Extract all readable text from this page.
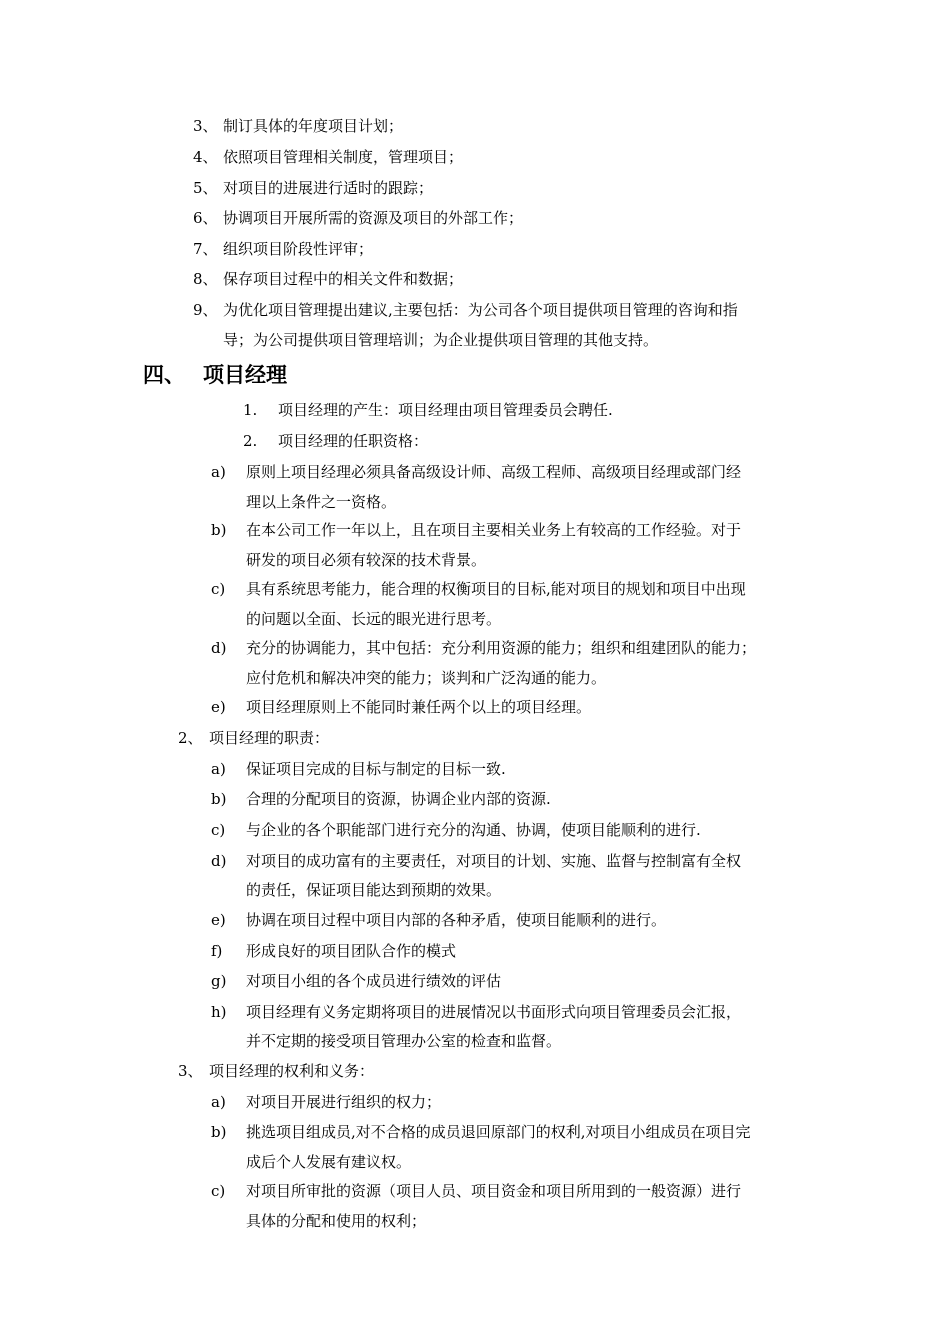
3、 制订具体的年度项目计划；
4、 依照项目管理相关制度，管理项目；
5、 对项目的进展进行适时的跟踪；
6、 协调项目开展所需的资源及项目的外部工作；
7、 组织项目阶段性评审；
8、 保存项目过程中的相关文件和数据；
9、 为优化项目管理提出建议,主要包括：为公司各个项目提供项目管理的咨询和指
导；为公司提供项目管理培训；为企业提供项目管理的其他支持。
四、 项目经理
1. 项目经理的产生：项目经理由项目管理委员会聘任.
2. 项目经理的任职资格：
a) 原则上项目经理必须具备高级设计师、高级工程师、高级项目经理或部门经
理以上条件之一资格。
b) 在本公司工作一年以上，且在项目主要相关业务上有较高的工作经验。对于
研发的项目必须有较深的技术背景。
c) 具有系统思考能力，能合理的权衡项目的目标,能对项目的规划和项目中出现
的问题以全面、长远的眼光进行思考。
d) 充分的协调能力，其中包括：充分利用资源的能力；组织和组建团队的能力；
应付危机和解决冲突的能力；谈判和广泛沟通的能力。
e) 项目经理原则上不能同时兼任两个以上的项目经理。
2、 项目经理的职责：
a) 保证项目完成的目标与制定的目标一致.
b) 合理的分配项目的资源，协调企业内部的资源.
c) 与企业的各个职能部门进行充分的沟通、协调，使项目能顺利的进行.
d) 对项目的成功富有的主要责任，对项目的计划、实施、监督与控制富有全权
的责任，保证项目能达到预期的效果。
e) 协调在项目过程中项目内部的各种矛盾，使项目能顺利的进行。
f) 形成良好的项目团队合作的模式
g) 对项目小组的各个成员进行绩效的评估
h) 项目经理有义务定期将项目的进展情况以书面形式向项目管理委员会汇报，
并不定期的接受项目管理办公室的检查和监督。
3、 项目经理的权利和义务：
a) 对项目开展进行组织的权力；
b) 挑选项目组成员,对不合格的成员退回原部门的权利,对项目小组成员在项目完
成后个人发展有建议权。
c) 对项目所审批的资源（项目人员、项目资金和项目所用到的一般资源）进行
具体的分配和使用的权利；
